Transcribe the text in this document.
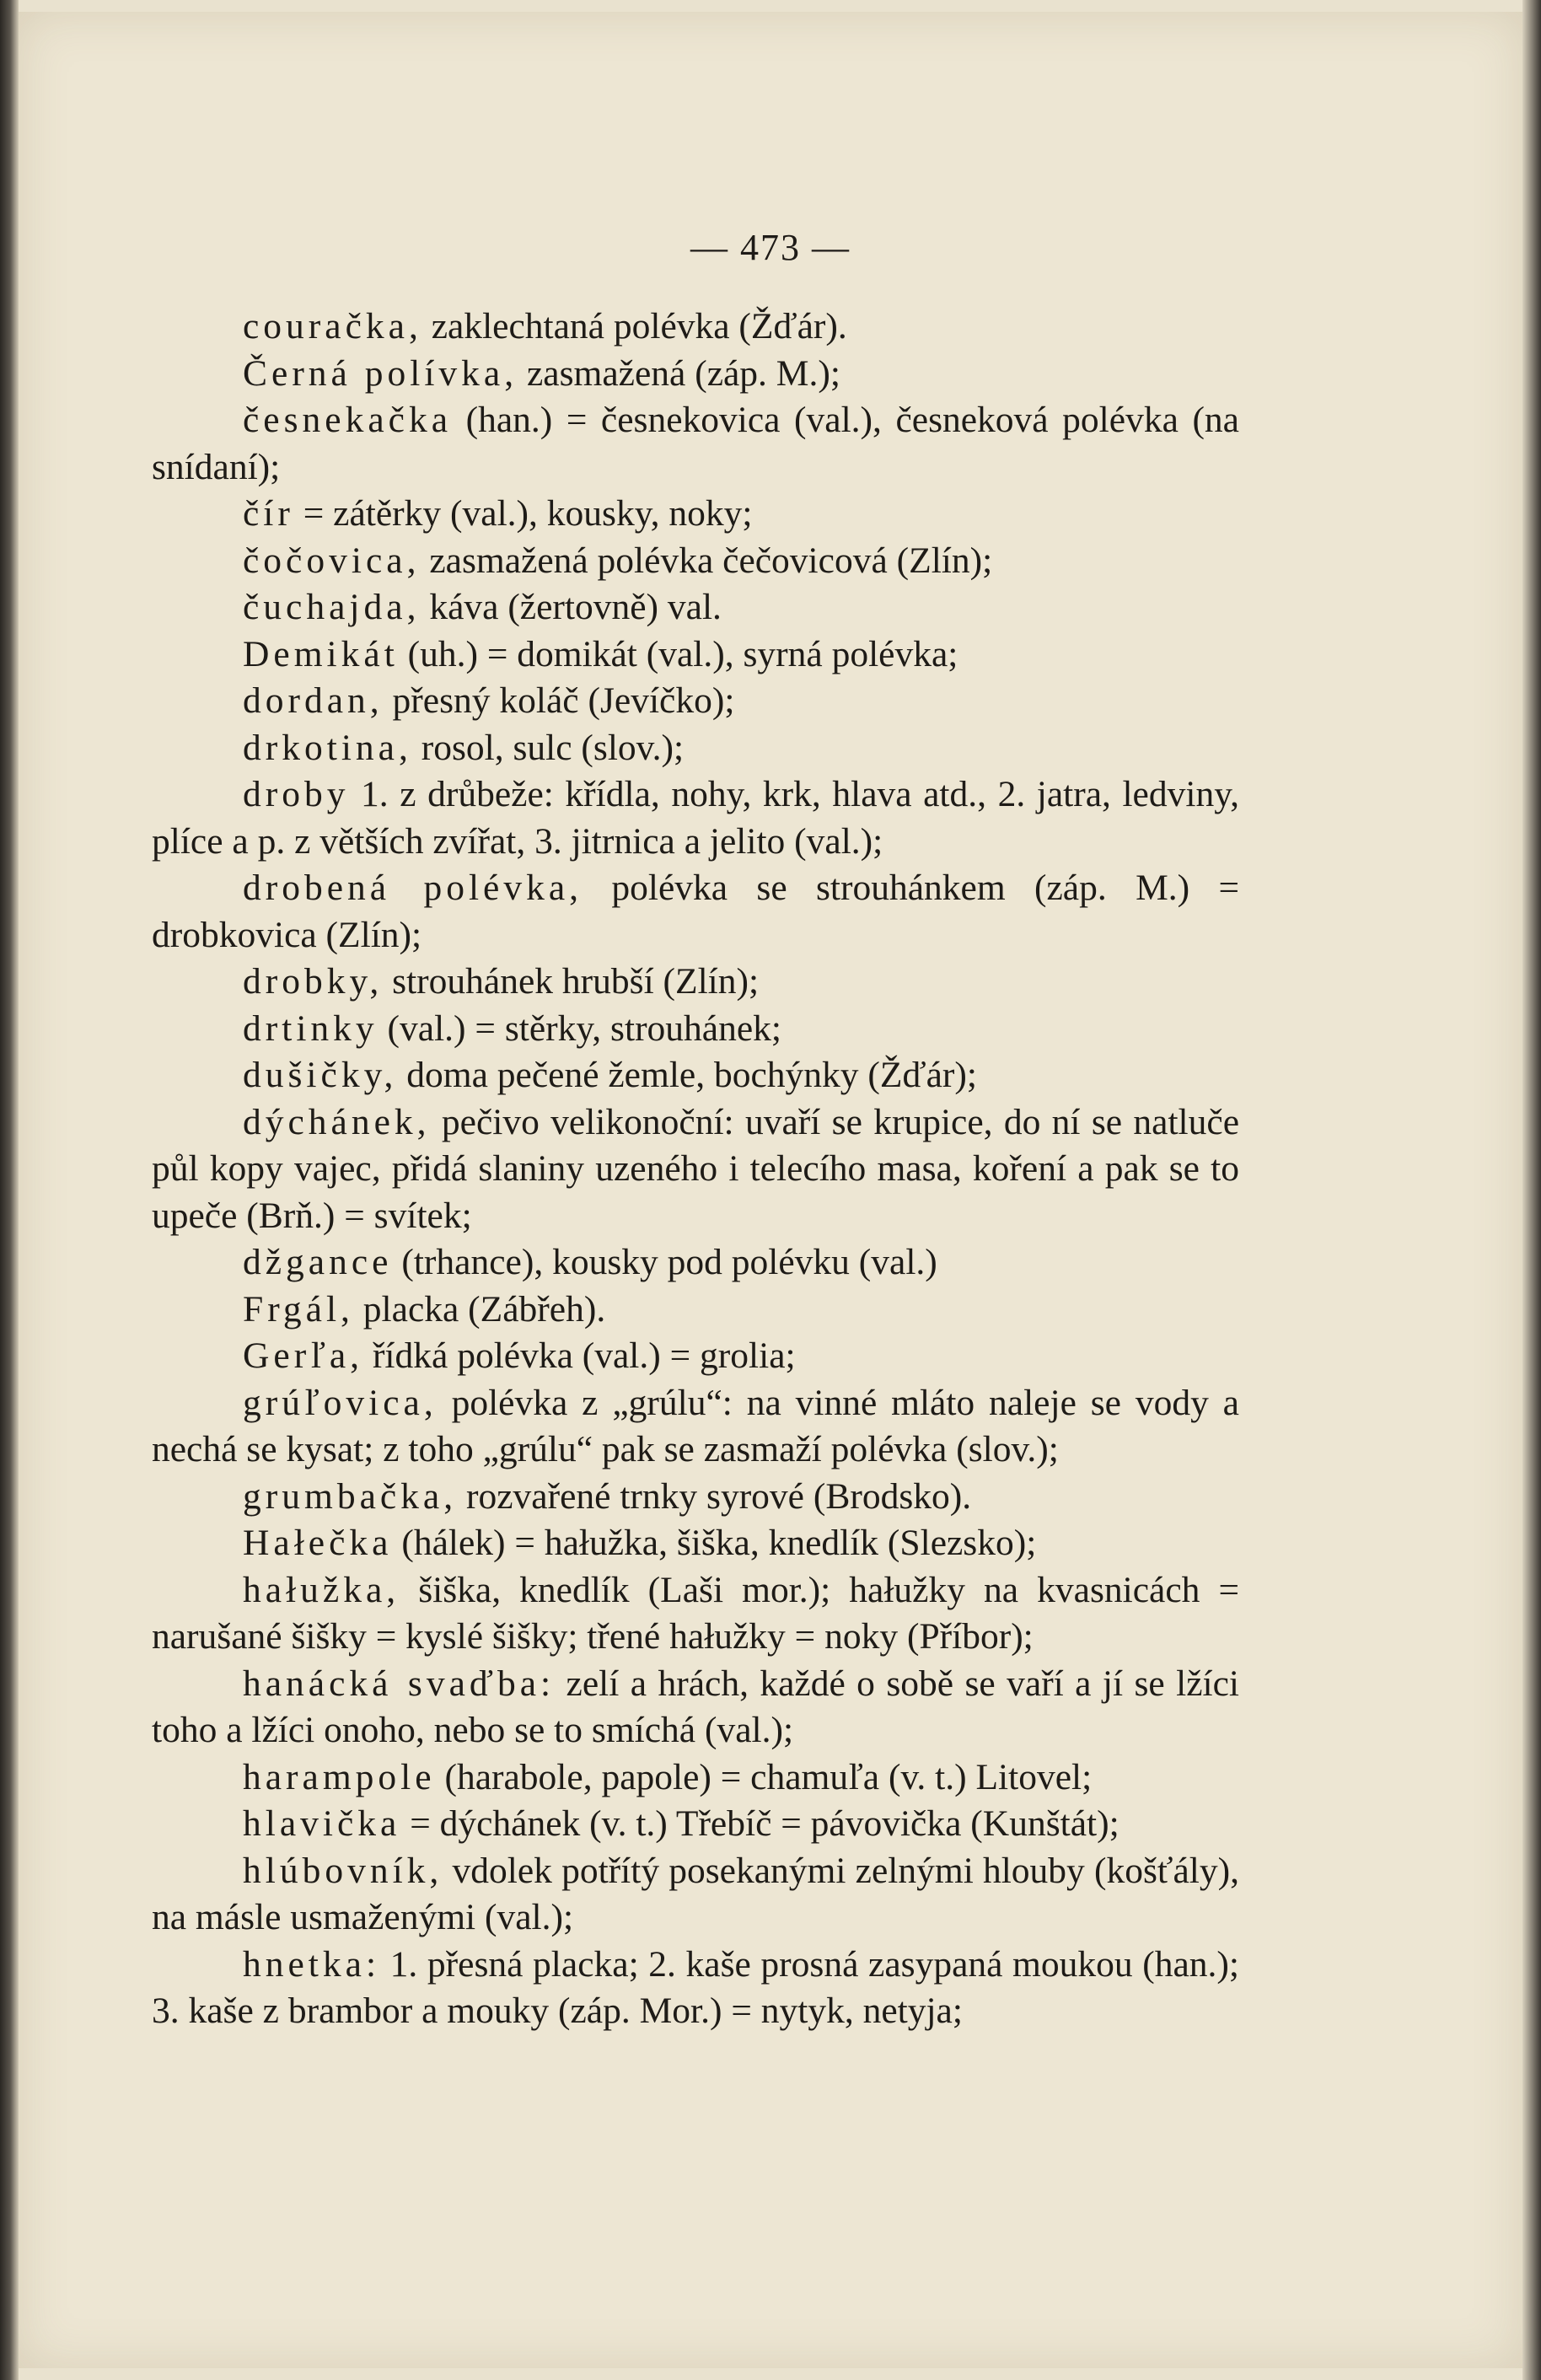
— 473 —

couračka, zaklechtaná polévka (Žďár).

Černá polívka, zasmažená (záp. M.);

česnekačka (han.) = česnekovica (val.), česneková polévka (na snídaní);

čír = zátěrky (val.), kousky, noky;

čočovica, zasmažená polévka čečovicová (Zlín);

čuchajda, káva (žertovně) val.

Demikát (uh.) = domikát (val.), syrná polévka;

dordan, přesný koláč (Jevíčko);

drkotina, rosol, sulc (slov.);

droby 1. z drůbeže: křídla, nohy, krk, hlava atd., 2. jatra, ledviny, plíce a p. z větších zvířat, 3. jitrnica a jelito (val.);

drobená polévka, polévka se strouhánkem (záp. M.) = drobkovica (Zlín);

drobky, strouhánek hrubší (Zlín);

drtinky (val.) = stěrky, strouhánek;

dušičky, doma pečené žemle, bochýnky (Žďár);

dýchánek, pečivo velikonoční: uvaří se krupice, do ní se natluče půl kopy vajec, přidá slaniny uzeného i telecího masa, koření a pak se to upeče (Brň.) = svítek;

džgance (trhance), kousky pod polévku (val.)

Frgál, placka (Zábřeh).

Gerľa, řídká polévka (val.) = grolia;

grúľovica, polévka z „grúlu“: na vinné mláto naleje se vody a nechá se kysat; z toho „grúlu“ pak se zasmaží polévka (slov.);

grumbačka, rozvařené trnky syrové (Brodsko).

Hałečka (hálek) = hałužka, šiška, knedlík (Slezsko);

hałužka, šiška, knedlík (Laši mor.); hałužky na kvasnicách = narušané šišky = kyslé šišky; třené hałužky = noky (Příbor);

hanácká svaďba: zelí a hrách, každé o sobě se vaří a jí se lžíci toho a lžíci onoho, nebo se to smíchá (val.);

harampole (harabole, papole) = chamuľa (v. t.) Litovel;

hlavička = dýchánek (v. t.) Třebíč = pávovička (Kunštát);

hlúbovník, vdolek potřítý posekanými zelnými hlouby (košťály), na másle usmaženými (val.);

hnetka: 1. přesná placka; 2. kaše prosná zasypaná moukou (han.); 3. kaše z brambor a mouky (záp. Mor.) = nytyk, netyja;
